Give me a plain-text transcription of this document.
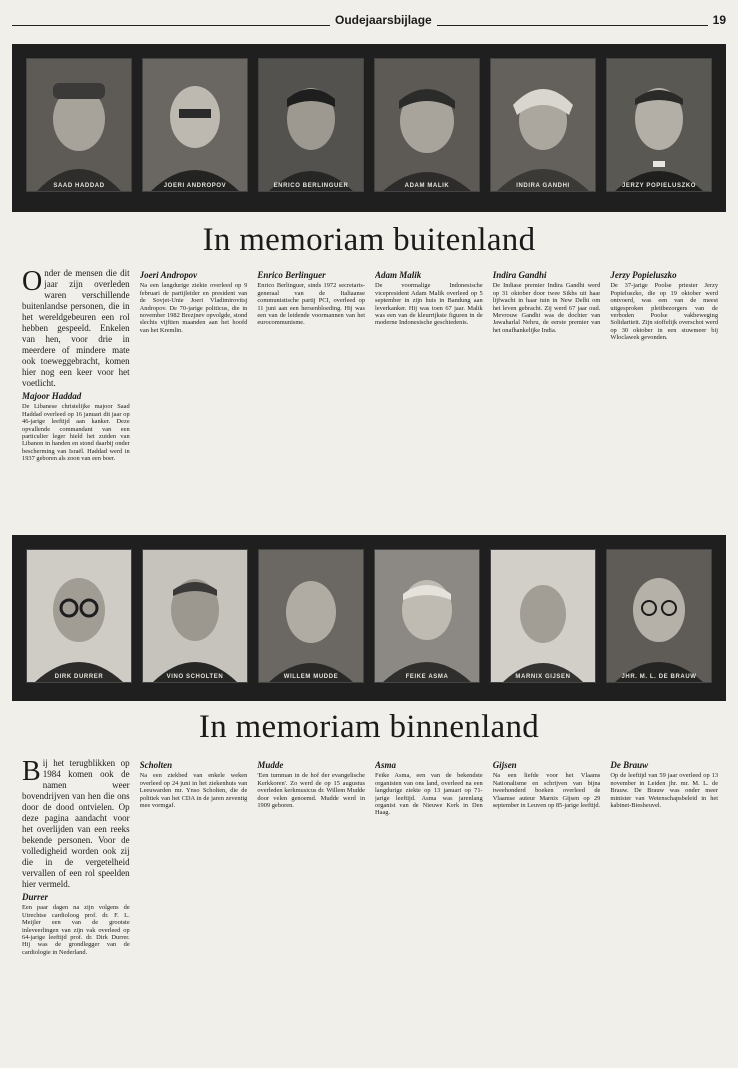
Oudejaarsbijlage	19
SAAD HADDAD	JOERI ANDROPOV	ENRICO BERLINGUER	ADAM MALIK	INDIRA GANDHI	JERZY POPIELUSZKO
In memoriam buitenland

Onder de mensen die dit jaar zijn overleden waren verschillende buitenlandse personen, die in het wereldgebeuren een rol hebben gespeeld. Enkelen van hen, voor drie in meerdere of mindere mate ook toeweggebracht, komen hier nog een keer voor het voetlicht.

Majoor Haddad

De Libanese christelijke majoor Saad Haddad overleed op 16 januari dit jaar op 46-jarige leeftijd aan kanker. Deze opvallende commandant van een particulier leger hield het zuiden van Libanon in handen en stond daarbij onder bescherming van Israël. Haddad werd in 1937 geboren als zoon van een boer.

Joeri Andropov

Na een langdurige ziekte overleed op 9 februari de partijleider en president van de Sovjet-Unie Joeri Vladimirovitsj Andropov. De 70-jarige politicus, die in november 1982 Brezjnev opvolgde, stond slechts vijftien maanden aan het hoofd van het Kremlin.

Enrico Berlinguer

Enrico Berlinguer, sinds 1972 secretaris-generaal van de Italiaanse communistische partij PCI, overleed op 11 juni aan een hersenbloeding. Hij was een van de leidende voormannen van het eurocommunisme.

Adam Malik

De voormalige Indonesische vicepresident Adam Malik overleed op 5 september in zijn huis in Bandung aan leverkanker. Hij was toen 67 jaar. Malik was een van de kleurrijkste figuren in de moderne Indonesische geschiedenis.

Indira Gandhi

De Indiase premier Indira Gandhi werd op 31 oktober door twee Sikhs uit haar lijfwacht in haar tuin in New Delhi om het leven gebracht. Zij werd 67 jaar oud. Mevrouw Gandhi was de dochter van Jawaharlal Nehru, de eerste premier van het onafhankelijke India.

Jerzy Popieluszko

De 37-jarige Poolse priester Jerzy Popieluszko, die op 19 oktober werd ontvoerd, was een van de meest uitgesproken pleitbezorgers van de verboden Poolse vakbeweging Solidariteit. Zijn stoffelijk overschot werd op 30 oktober in een stuwmeer bij Wloclawek gevonden.

DIRK DURRER	VINO SCHOLTEN	WILLEM MUDDE	FEIKE ASMA	MARNIX GIJSEN	JHR. M. L. DE BRAUW
In memoriam binnenland

Bij het terugblikken op 1984 komen ook de namen weer bovendrijven van hen die ons door de dood ontvielen. Op deze pagina aandacht voor het overlijden van een reeks bekende personen. Voor de volledigheid worden ook zij die in de vergetelheid vervallen of een rol speelden hier vermeld.

Durrer

Een paar dagen na zijn volgens de Utrechtse cardioloog prof. dr. F. L. Meijler een van de grootste inleveerlingen van zijn vak overleed op 64-jarige leeftijd prof. dr. Dirk Durrer. Hij was de grondlegger van de cardiologie in Nederland.

Scholten

Na een ziekbed van enkele weken overleed op 24 juni in het ziekenhuis van Leeuwarden mr. Ynso Scholten, die de politiek van het CDA in de jaren zeventig mee vormgaf.

Mudde

'Een turnman in de hof der evangelische Kerkkoren'. Zo werd de op 15 augustus overleden kerkmusicus dr. Willem Mudde door velen genoemd. Mudde werd in 1909 geboren.

Asma

Feike Asma, een van de bekendste organisten van ons land, overleed na een langdurige ziekte op 13 januari op 71-jarige leeftijd. Asma was jarenlang organist van de Nieuwe Kerk in Den Haag.

Gijsen

Na een liefde voor het Vlaams Nationalisme en schrijven van bijna tweehonderd boeken overleed de Vlaamse auteur Marnix Gijsen op 29 september in Leuven op 85-jarige leeftijd.

De Brauw

Op de leeftijd van 59 jaar overleed op 13 november in Leiden jhr. mr. M. L. de Brauw. De Brauw was onder meer minister van Wetenschapsbeleid in het kabinet-Biesheuvel.
